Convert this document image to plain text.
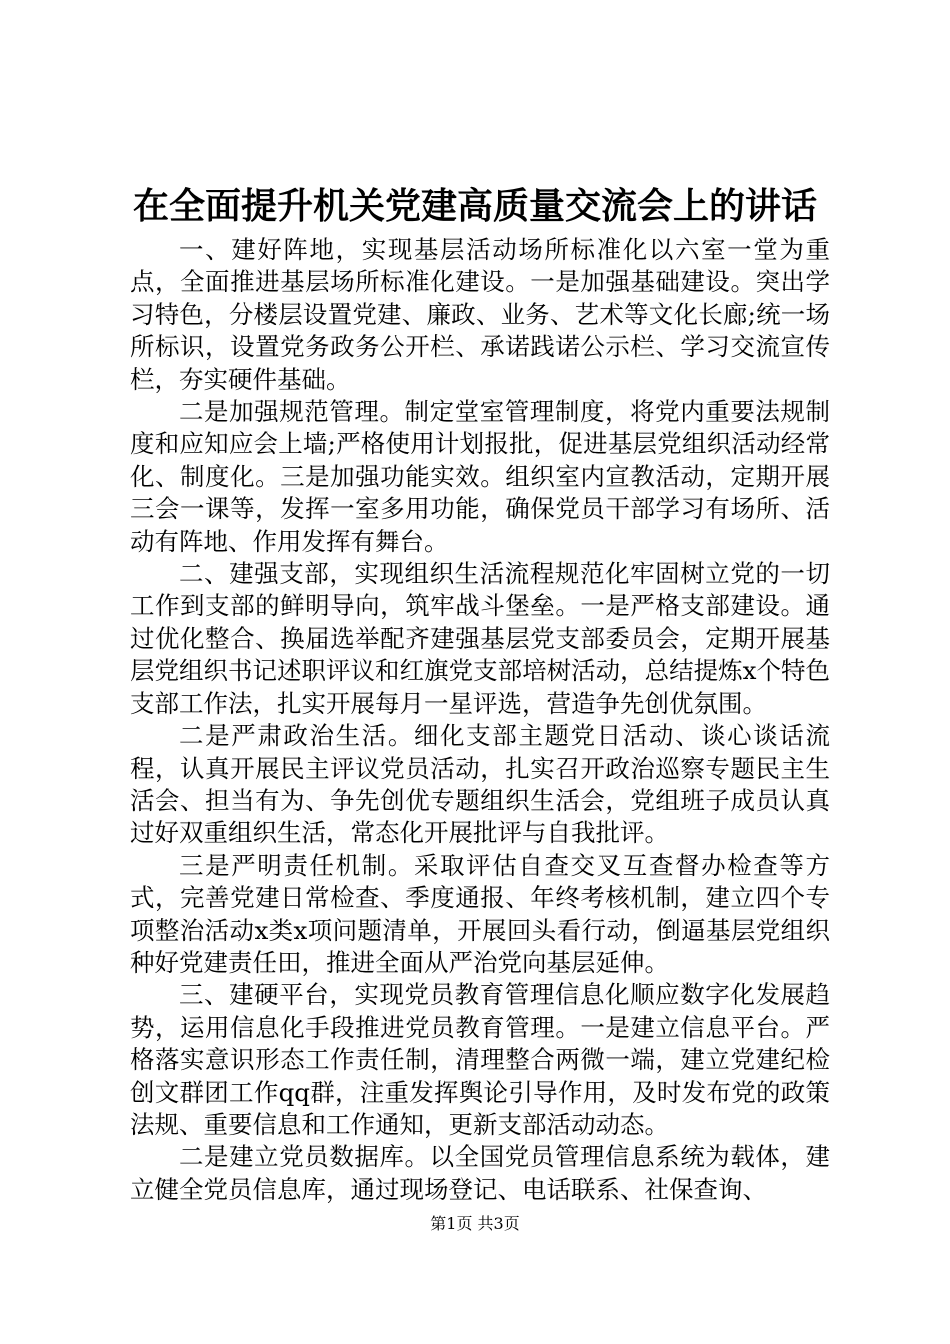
在全面提升机关党建高质量交流会上的讲话

一、建好阵地，实现基层活动场所标准化以六室一堂为重点，全面推进基层场所标准化建设。一是加强基础建设。突出学习特色，分楼层设置党建、廉政、业务、艺术等文化长廊;统一场所标识，设置党务政务公开栏、承诺践诺公示栏、学习交流宣传栏，夯实硬件基础。

二是加强规范管理。制定堂室管理制度，将党内重要法规制度和应知应会上墙;严格使用计划报批，促进基层党组织活动经常化、制度化。三是加强功能实效。组织室内宣教活动，定期开展三会一课等，发挥一室多用功能，确保党员干部学习有场所、活动有阵地、作用发挥有舞台。

二、建强支部，实现组织生活流程规范化牢固树立党的一切工作到支部的鲜明导向，筑牢战斗堡垒。一是严格支部建设。通过优化整合、换届选举配齐建强基层党支部委员会，定期开展基层党组织书记述职评议和红旗党支部培树活动，总结提炼x个特色支部工作法，扎实开展每月一星评选，营造争先创优氛围。

二是严肃政治生活。细化支部主题党日活动、谈心谈话流程，认真开展民主评议党员活动，扎实召开政治巡察专题民主生活会、担当有为、争先创优专题组织生活会，党组班子成员认真过好双重组织生活，常态化开展批评与自我批评。

三是严明责任机制。采取评估自查交叉互查督办检查等方式，完善党建日常检查、季度通报、年终考核机制，建立四个专项整治活动x类x项问题清单，开展回头看行动，倒逼基层党组织种好党建责任田，推进全面从严治党向基层延伸。

三、建硬平台，实现党员教育管理信息化顺应数字化发展趋势，运用信息化手段推进党员教育管理。一是建立信息平台。严格落实意识形态工作责任制，清理整合两微一端，建立党建纪检创文群团工作qq群，注重发挥舆论引导作用，及时发布党的政策法规、重要信息和工作通知，更新支部活动动态。

二是建立党员数据库。以全国党员管理信息系统为载体，建立健全党员信息库，通过现场登记、电话联系、社保查询、

第1页 共3页
